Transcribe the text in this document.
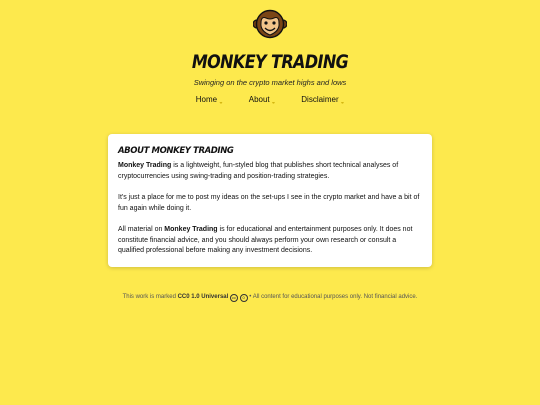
MONKEY TRADING
Swinging on the crypto market highs and lows
Home ◒	About ◒	Disclaimer ◒
ABOUT MONKEY TRADING

Monkey Trading is a lightweight, fun-styled blog that publishes short technical analyses of cryptocurrencies using swing-trading and position-trading strategies.

It's just a place for me to post my ideas on the set-ups I see in the crypto market and have a bit of fun again while doing it.

All material on Monkey Trading is for educational and entertainment purposes only. It does not constitute financial advice, and you should always perform your own research or consult a qualified professional before making any investment decisions.

This work is marked CC0 1.0 Universal cc 0 • All content for educational purposes only. Not financial advice.
